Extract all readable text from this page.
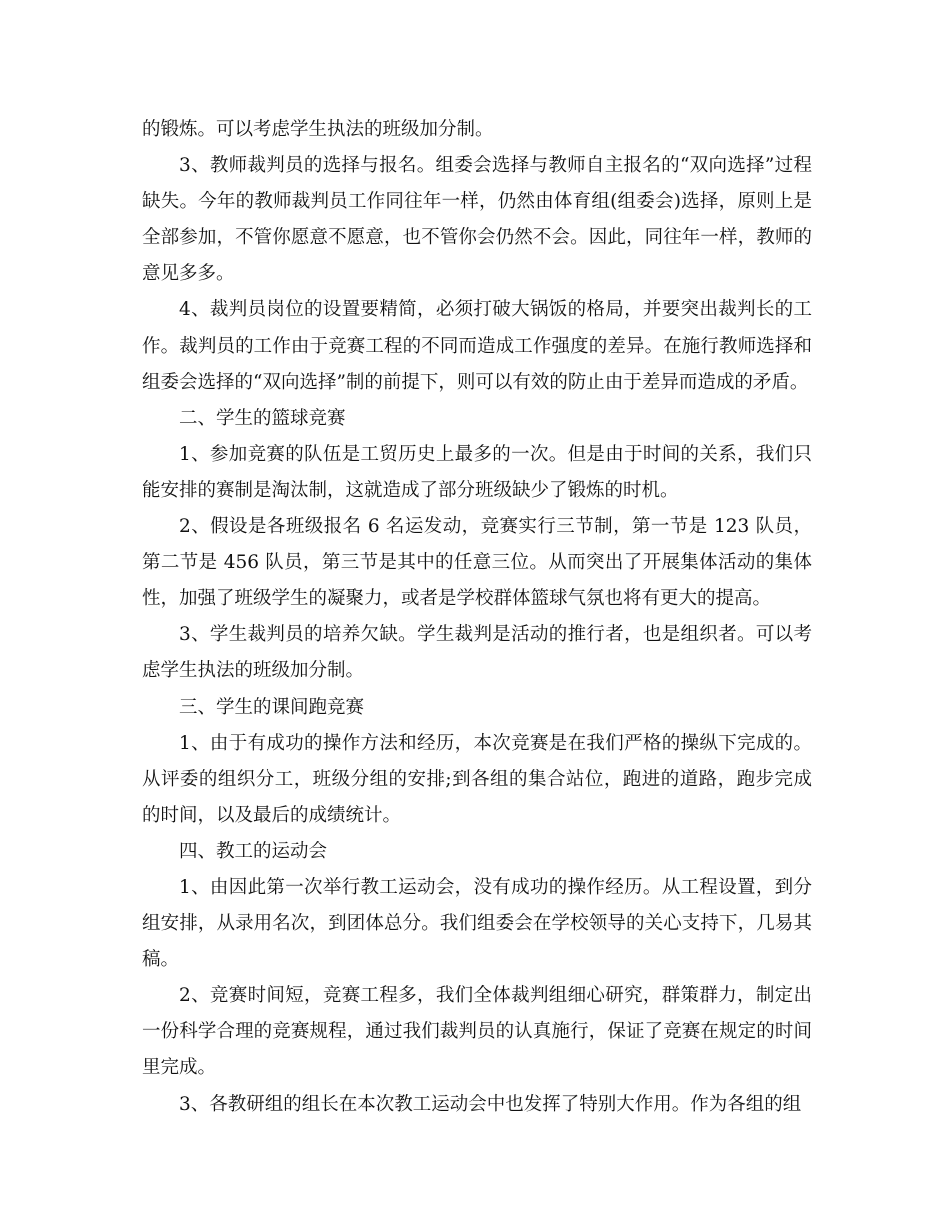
的锻炼。可以考虑学生执法的班级加分制。

3、教师裁判员的选择与报名。组委会选择与教师自主报名的“双向选择”过程缺失。今年的教师裁判员工作同往年一样，仍然由体育组(组委会)选择，原则上是全部参加，不管你愿意不愿意，也不管你会仍然不会。因此，同往年一样，教师的意见多多。

4、裁判员岗位的设置要精简，必须打破大锅饭的格局，并要突出裁判长的工作。裁判员的工作由于竞赛工程的不同而造成工作强度的差异。在施行教师选择和组委会选择的“双向选择”制的前提下，则可以有效的防止由于差异而造成的矛盾。

二、学生的篮球竞赛

1、参加竞赛的队伍是工贸历史上最多的一次。但是由于时间的关系，我们只能安排的赛制是淘汰制，这就造成了部分班级缺少了锻炼的时机。

2、假设是各班级报名 6 名运发动，竞赛实行三节制，第一节是 123 队员，第二节是 456 队员，第三节是其中的任意三位。从而突出了开展集体活动的集体性，加强了班级学生的凝聚力，或者是学校群体篮球气氛也将有更大的提高。

3、学生裁判员的培养欠缺。学生裁判是活动的推行者，也是组织者。可以考虑学生执法的班级加分制。

三、学生的课间跑竞赛

1、由于有成功的操作方法和经历，本次竞赛是在我们严格的操纵下完成的。从评委的组织分工，班级分组的安排;到各组的集合站位，跑进的道路，跑步完成的时间，以及最后的成绩统计。

四、教工的运动会

1、由因此第一次举行教工运动会，没有成功的操作经历。从工程设置，到分组安排，从录用名次，到团体总分。我们组委会在学校领导的关心支持下，几易其稿。

2、竞赛时间短，竞赛工程多，我们全体裁判组细心研究，群策群力，制定出一份科学合理的竞赛规程，通过我们裁判员的认真施行，保证了竞赛在规定的时间里完成。

3、各教研组的组长在本次教工运动会中也发挥了特别大作用。作为各组的组
